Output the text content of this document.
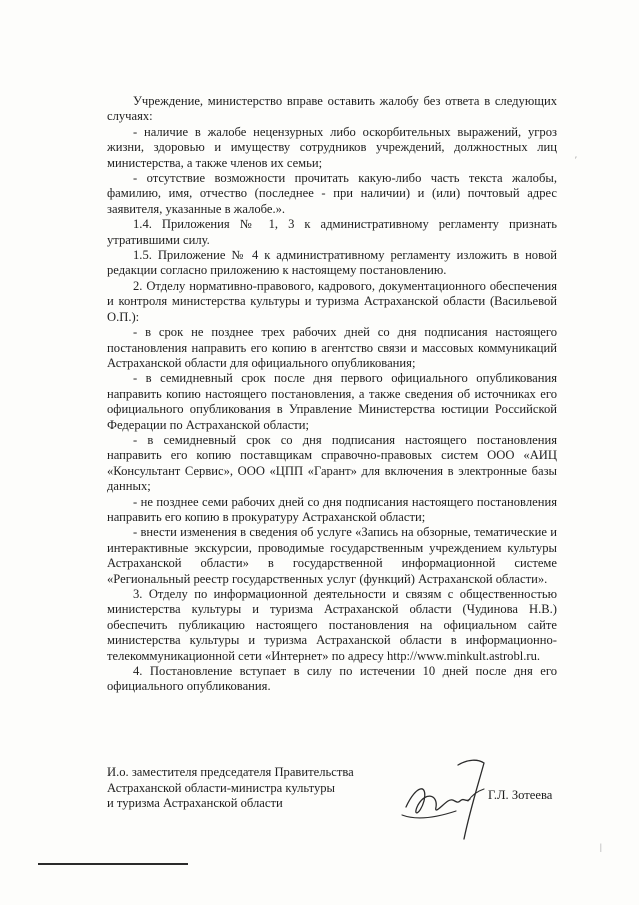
Учреждение, министерство вправе оставить жалобу без ответа в следующих случаях:

- наличие в жалобе нецензурных либо оскорбительных выражений, угроз жизни, здоровью и имуществу сотрудников учреждений, должностных лиц министерства, а также членов их семьи;

- отсутствие возможности прочитать какую-либо часть текста жалобы, фамилию, имя, отчество (последнее - при наличии) и (или) почтовый адрес заявителя, указанные в жалобе.».

1.4. Приложения № 1, 3 к административному регламенту признать утратившими силу.

1.5. Приложение № 4 к административному регламенту изложить в новой редакции согласно приложению к настоящему постановлению.

2. Отделу нормативно-правового, кадрового, документационного обеспечения и контроля министерства культуры и туризма Астраханской области (Васильевой О.П.):

- в срок не позднее трех рабочих дней со дня подписания настоящего постановления направить его копию в агентство связи и массовых коммуникаций Астраханской области для официального опубликования;

- в семидневный срок после дня первого официального опубликования направить копию настоящего постановления, а также сведения об источниках его официального опубликования в Управление Министерства юстиции Российской Федерации по Астраханской области;

- в семидневный срок со дня подписания настоящего постановления направить его копию поставщикам справочно-правовых систем ООО «АИЦ «Консультант Сервис», ООО «ЦПП «Гарант» для включения в электронные базы данных;

- не позднее семи рабочих дней со дня подписания настоящего постановления направить его копию в прокуратуру Астраханской области;

- внести изменения в сведения об услуге «Запись на обзорные, тематические и интерактивные экскурсии, проводимые государственным учреждением культуры Астраханской области» в государственной информационной системе «Региональный реестр государственных услуг (функций) Астраханской области».

3. Отделу по информационной деятельности и связям с общественностью министерства культуры и туризма Астраханской области (Чудинова Н.В.) обеспечить публикацию настоящего постановления на официальном сайте министерства культуры и туризма Астраханской области в информационно-телекоммуникационной сети «Интернет» по адресу http://www.minkult.astrobl.ru.

4. Постановление вступает в силу по истечении 10 дней после дня его официального опубликования.

И.о. заместителя председателя Правительства
Астраханской области-министра культуры
и туризма Астраханской области
Г.Л. Зотеева
′
|
